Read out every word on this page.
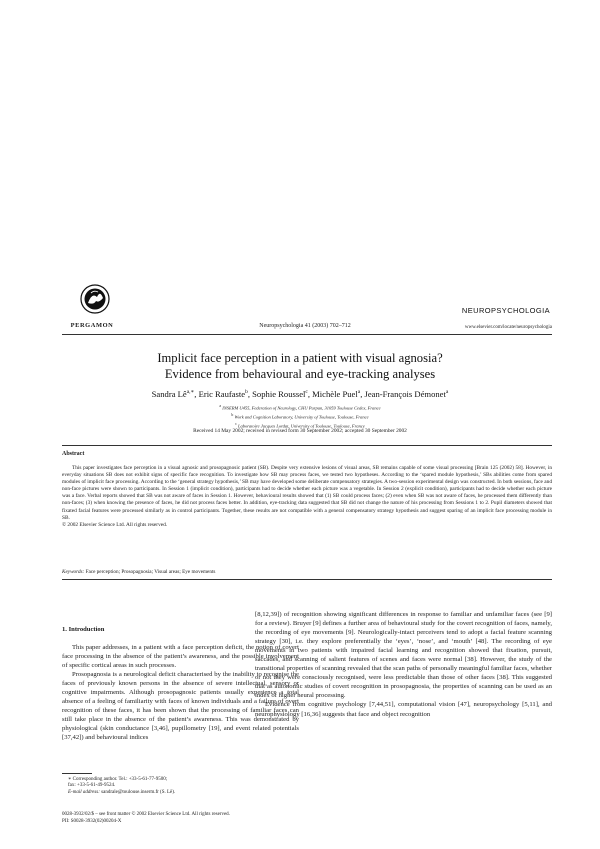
PERGAMON	Neuropsychologia 41 (2003) 702–712
NEUROPSYCHOLOGIA
www.elsevier.com/locate/neuropsychologia
Implicit face perception in a patient with visual agnosia?
Evidence from behavioural and eye-tracking analyses
Sandra $Lê^{a,∗}$, Eric Raufaste$^b$, Sophie Roussel$^c$, Michèle Puel$^a$, Jean-François Démonet$^a$
$^a$ INSERM U455, Federation of Neurology, CHU Purpan, 31059 Toulouse Cedex, France
$^b$ Work and Cognition Laboratory, University of Toulouse, Toulouse, France
$^c$ Laboratoire Jacques Lordat, University of Toulouse, Toulouse, France
Received 14 May 2002; received in revised form 30 September 2002; accepted 30 September 2002
Abstract
This paper investigates face perception in a visual agnosic and prosopagnosic patient (SB). Despite very extensive lesions of visual areas, SB remains capable of some visual processing [Brain 125 (2002) 58]. However, in everyday situations SB does not exhibit signs of specific face recognition. To investigate how SB may process faces, we tested two hypotheses. According to the ‘spared module hypothesis,’ SBs abilities come from spared modules of implicit face processing. According to the ‘general strategy hypothesis,’ SB may have developed some deliberate compensatory strategies. A two-session experimental design was constructed. In both sessions, face and non-face pictures were shown to participants. In Session 1 (implicit condition), participants had to decide whether each picture was a vegetable. In Session 2 (explicit condition), participants had to decide whether each picture was a face. Verbal reports showed that SB was not aware of faces in Session 1. However, behavioural results showed that (1) SB could process faces; (2) even when SB was not aware of faces, he processed them differently than non-faces; (3) when knowing the presence of faces, he did not process faces better. In addition, eye-tracking data suggested that SB did not change the nature of his processing from Sessions 1 to 2. Pupil diameters showed that fixated facial features were processed similarly as in control participants. Together, these results are not compatible with a general compensatory strategy hypothesis and suggest sparing of an implicit face processing module in SB.
© 2002 Elsevier Science Ltd. All rights reserved.
Keywords: Face perception; Prosopagnosia; Visual areas; Eye movements
1. Introduction

This paper addresses, in a patient with a face perception deficit, the notion of covert face processing in the absence of the patient’s awareness, and the possible involvement of specific cortical areas in such processes.

Prosopagnosia is a neurological deficit characterised by the inability to recognise the faces of previously known persons in the absence of severe intellectual, sensory or cognitive impairments. Although prosopagnosic patients usually experience a total absence of a feeling of familiarity with faces of known individuals and a failure of overt recognition of these faces, it has been shown that the processing of familiar faces can still take place in the absence of the patient’s awareness. This was demonstrated by physiological (skin conductance [3,46], pupillometry [19], and event related potentials [37,42]) and behavioural indices

[8,12,39]) of recognition showing significant differences in response to familiar and unfamiliar faces (see [9] for a review). Bruyer [9] defines a further area of behavioural study for the covert recognition of faces, namely, the recording of eye movements [9]. Neurologically-intact perceivers tend to adopt a facial feature scanning strategy [30], i.e. they explore preferentially the ‘eyes’, ‘nose’, and ‘mouth’ [48]. The recording of eye movements in two patients with impaired facial learning and recognition showed that fixation, pursuit, saccades, and scanning of salient features of scenes and faces were normal [38]. However, the study of the transitional properties of scanning revealed that the scan paths of personally meaningful familiar faces, whether or not they were consciously recognised, were less predictable than those of other faces [38]. This suggested that as autonomic studies of covert recognition in prosopagnosia, the properties of scanning can be used as an index of higher neural processing.

Evidence from cognitive psychology [7,44,51], computational vision [47], neuropsychology [5,11], and neurophysiology [16,36] suggests that face and object recognition

∗ Corresponding author. Tel.: +33-5-61-77-9500;
fax: +33-5-61-49-9524.
E-mail address: sandrale@toulouse.inserm.fr (S. Lê).
0028-3932/02/$ – see front matter © 2002 Elsevier Science Ltd. All rights reserved.
PII: S0028-3932(02)00204-X
